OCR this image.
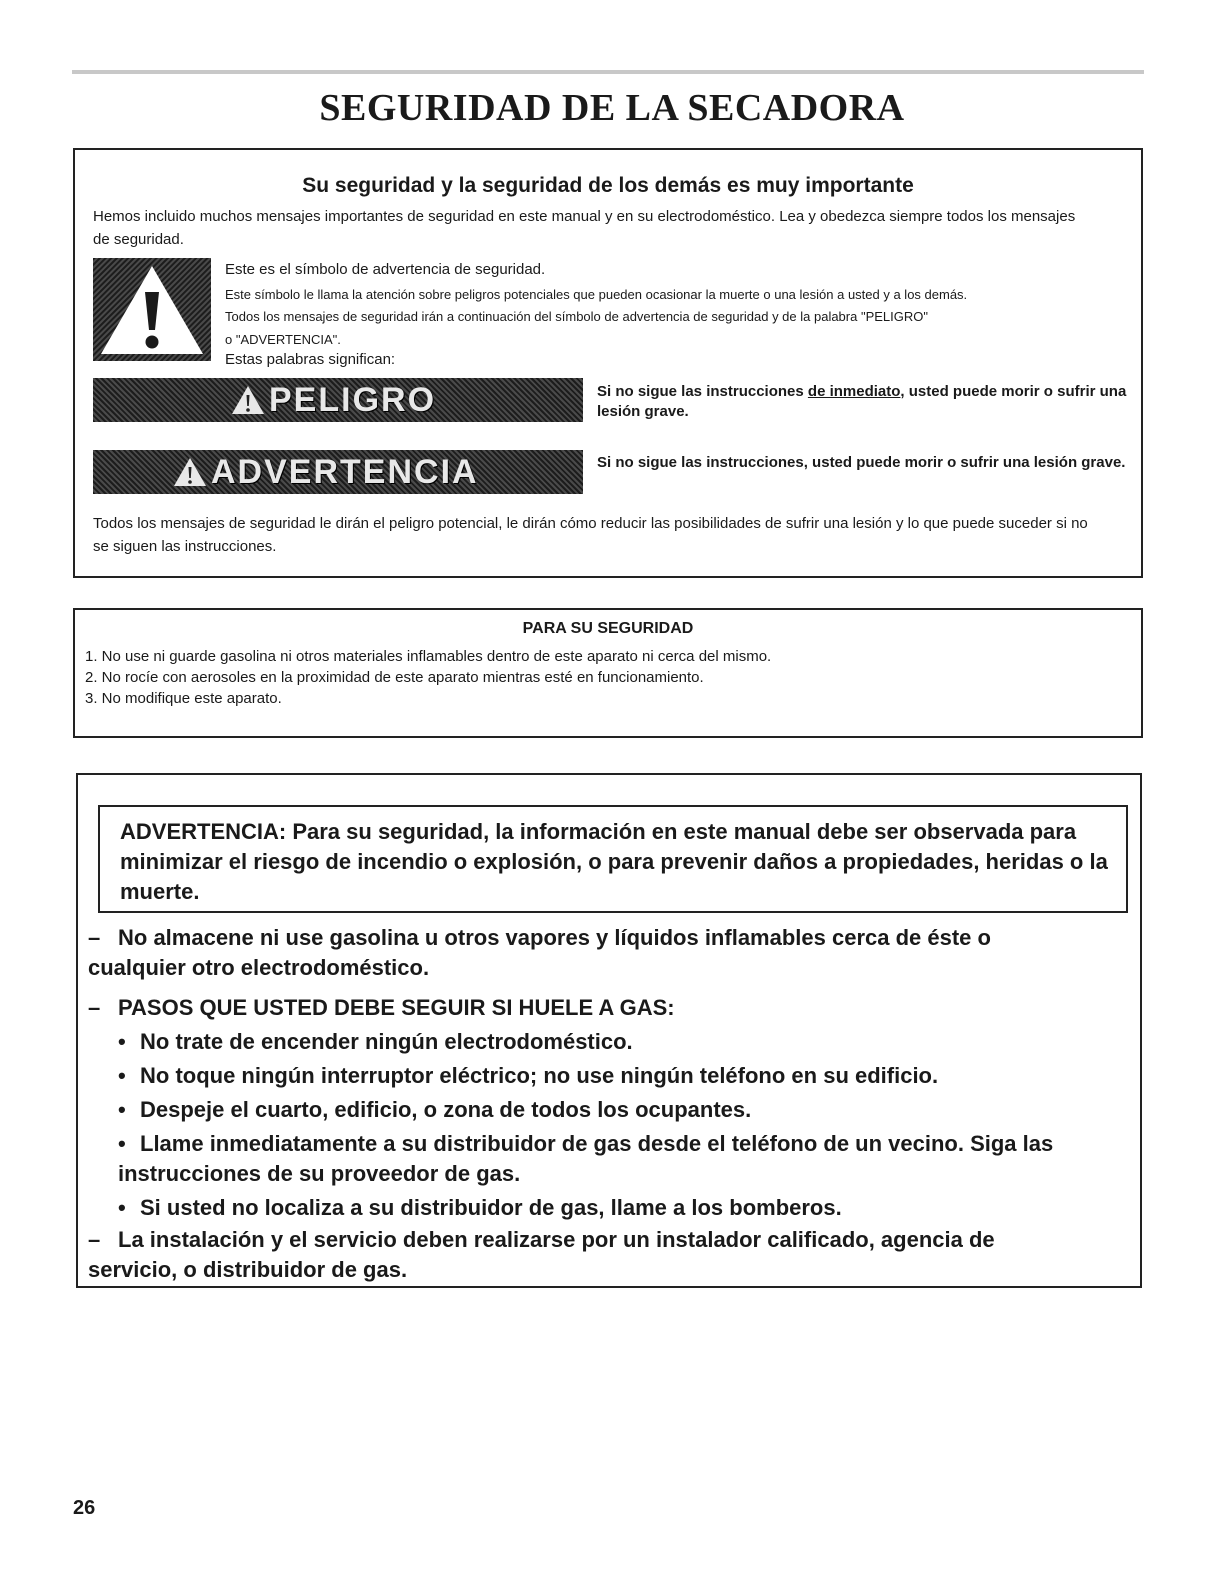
SEGURIDAD DE LA SECADORA
Su seguridad y la seguridad de los demás es muy importante
Hemos incluido muchos mensajes importantes de seguridad en este manual y en su electrodoméstico. Lea y obedezca siempre todos los mensajes de seguridad.
Este es el símbolo de advertencia de seguridad.
Este símbolo le llama la atención sobre peligros potenciales que pueden ocasionar la muerte o una lesión a usted y a los demás.
Todos los mensajes de seguridad irán a continuación del símbolo de advertencia de seguridad y de la palabra "PELIGRO"
o "ADVERTENCIA".
Estas palabras significan:
PELIGRO	Si no sigue las instrucciones de inmediato, usted puede morir o sufrir una lesión grave.
ADVERTENCIA	Si no sigue las instrucciones, usted puede morir o sufrir una lesión grave.
Todos los mensajes de seguridad le dirán el peligro potencial, le dirán cómo reducir las posibilidades de sufrir una lesión y lo que puede suceder si no se siguen las instrucciones.
PARA SU SEGURIDAD
1. No use ni guarde gasolina ni otros materiales inflamables dentro de este aparato ni cerca del mismo.
2. No rocíe con aerosoles en la proximidad de este aparato mientras esté en funcionamiento.
3. No modifique este aparato.
ADVERTENCIA: Para su seguridad, la información en este manual debe ser observada para minimizar el riesgo de incendio o explosión, o para prevenir daños a propiedades, heridas o la muerte.
– No almacene ni use gasolina u otros vapores y líquidos inflamables cerca de éste o cualquier otro electrodoméstico.
– PASOS QUE USTED DEBE SEGUIR SI HUELE A GAS:
• No trate de encender ningún electrodoméstico.
• No toque ningún interruptor eléctrico; no use ningún teléfono en su edificio.
• Despeje el cuarto, edificio, o zona de todos los ocupantes.
• Llame inmediatamente a su distribuidor de gas desde el teléfono de un vecino. Siga las instrucciones de su proveedor de gas.
• Si usted no localiza a su distribuidor de gas, llame a los bomberos.
– La instalación y el servicio deben realizarse por un instalador calificado, agencia de servicio, o distribuidor de gas.
26
